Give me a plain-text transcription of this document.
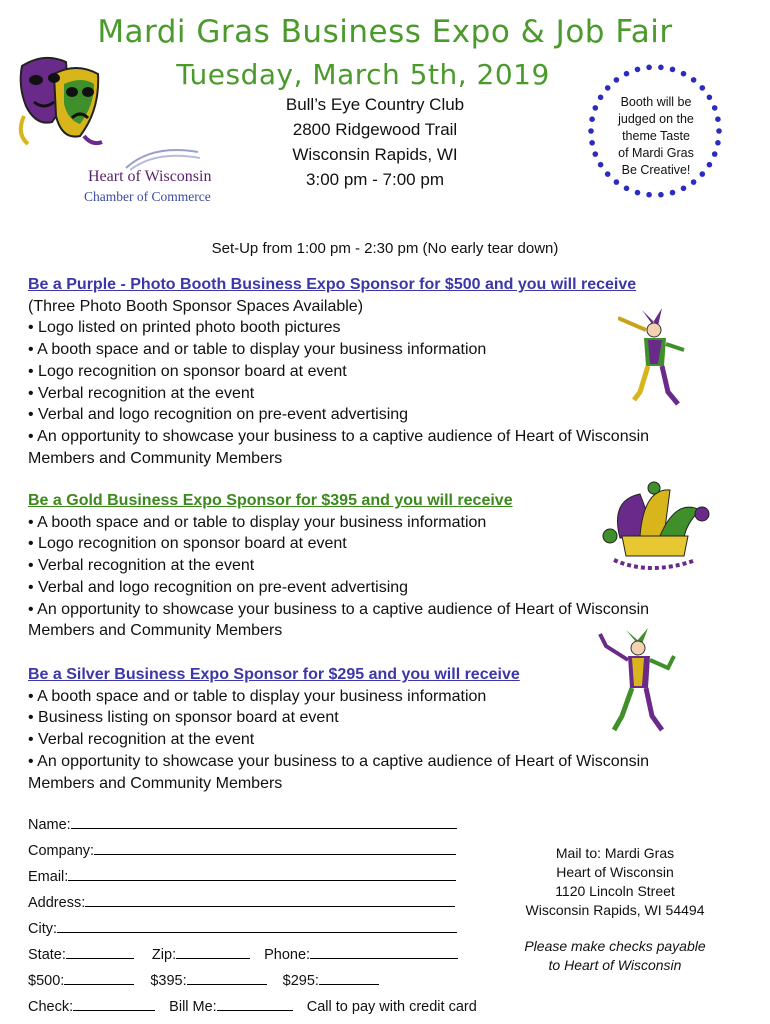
Mardi Gras Business Expo & Job Fair
Tuesday, March 5th, 2019
Heart of Wisconsin
Chamber of Commerce
Bull’s Eye Country Club
2800 Ridgewood Trail
Wisconsin Rapids, WI
3:00 pm - 7:00 pm
Booth will be
judged on the
theme Taste
of Mardi Gras
Be Creative!
Set-Up from 1:00 pm - 2:30 pm (No early tear down)
Be a Purple - Photo Booth Business Expo Sponsor for $500 and you will receive
(Three Photo Booth Sponsor Spaces Available)
• Logo listed on printed photo booth pictures
• A booth space and or table to display your business information
• Logo recognition on sponsor board at event
• Verbal recognition at the event
• Verbal and logo recognition on pre-event advertising
• An opportunity to showcase your business to a captive audience of Heart of Wisconsin
Members and Community Members
Be a Gold Business Expo Sponsor for $395 and you will receive
• A booth space and or table to display your business information
• Logo recognition on sponsor board at event
• Verbal recognition at the event
• Verbal and logo recognition on pre-event advertising
• An opportunity to showcase your business to a captive audience of Heart of Wisconsin
Members and Community Members
Be a Silver Business Expo Sponsor for $295 and you will receive
• A booth space and or table to display your business information
• Business listing on sponsor board at event
• Verbal recognition at the event
• An opportunity to showcase your business to a captive audience of Heart of Wisconsin
Members and Community Members
Name:
Company:
Email:
Address:
City:
State:	Zip:	Phone:
$500:	$395:	$295:
Check:	Bill Me:	Call to pay with credit card
Mail to: Mardi Gras
Heart of Wisconsin
1120 Lincoln Street
Wisconsin Rapids, WI 54494
Please make checks payable
to Heart of Wisconsin
